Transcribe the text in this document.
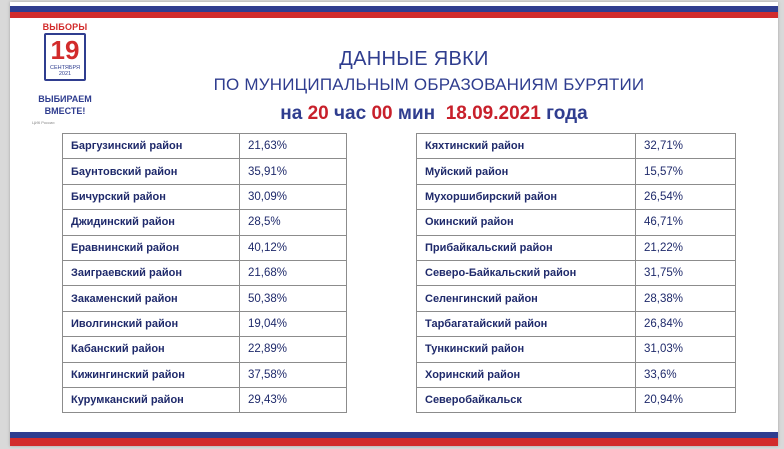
ВЫБОРЫ
19
СЕНТЯБРЯ
2021
ВЫБИРАЕМ
ВМЕСТЕ!
ЦИК России
ДАННЫЕ ЯВКИ
ПО МУНИЦИПАЛЬНЫМ ОБРАЗОВАНИЯМ БУРЯТИИ
на 20 час 00 мин 18.09.2021 года
Баргузинский район	21,63%
Баунтовский район	35,91%
Бичурский район	30,09%
Джидинский район	28,5%
Еравнинский район	40,12%
Заиграевский район	21,68%
Закаменский район	50,38%
Иволгинский район	19,04%
Кабанский район	22,89%
Кижингинский район	37,58%
Курумканский район	29,43%
Кяхтинский район	32,71%
Муйский район	15,57%
Мухоршибирский район	26,54%
Окинский район	46,71%
Прибайкальский район	21,22%
Северо-Байкальский район	31,75%
Селенгинский район	28,38%
Тарбагатайский район	26,84%
Тункинский район	31,03%
Хоринский район	33,6%
Северобайкальск	20,94%
